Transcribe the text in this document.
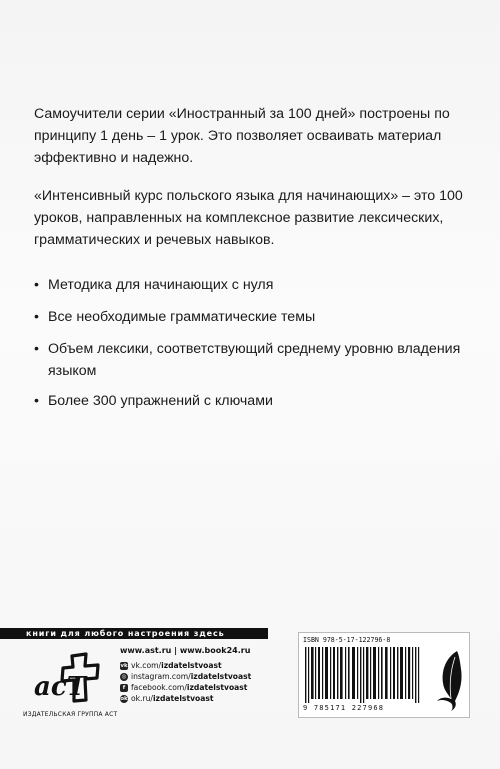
Самоучители серии «Иностранный за 100 дней» построены по принципу 1 день – 1 урок. Это позволяет осваивать материал эффективно и надежно.

«Интенсивный курс польского языка для начинающих» – это 100 уроков, направленных на комплексное развитие лексических, грамматических и речевых навыков.

• Методика для начинающих с нуля
• Все необходимые грамматические темы
• Объем лексики, соответствующий среднему уровню владения языком
• Более 300 упражнений с ключами
книги для любого настроения здесь
acT
ИЗДАТЕЛЬСКАЯ ГРУППА АСТ
www.ast.ru | www.book24.ru
vk vk.com/ izdatelstvoast
◎ instagram.com/ izdatelstvoast
f facebook.com/ izdatelstvoast
ok ok.ru/ izdatelstvoast
ISBN 978-5-17-122796-8
9 785171 227968
